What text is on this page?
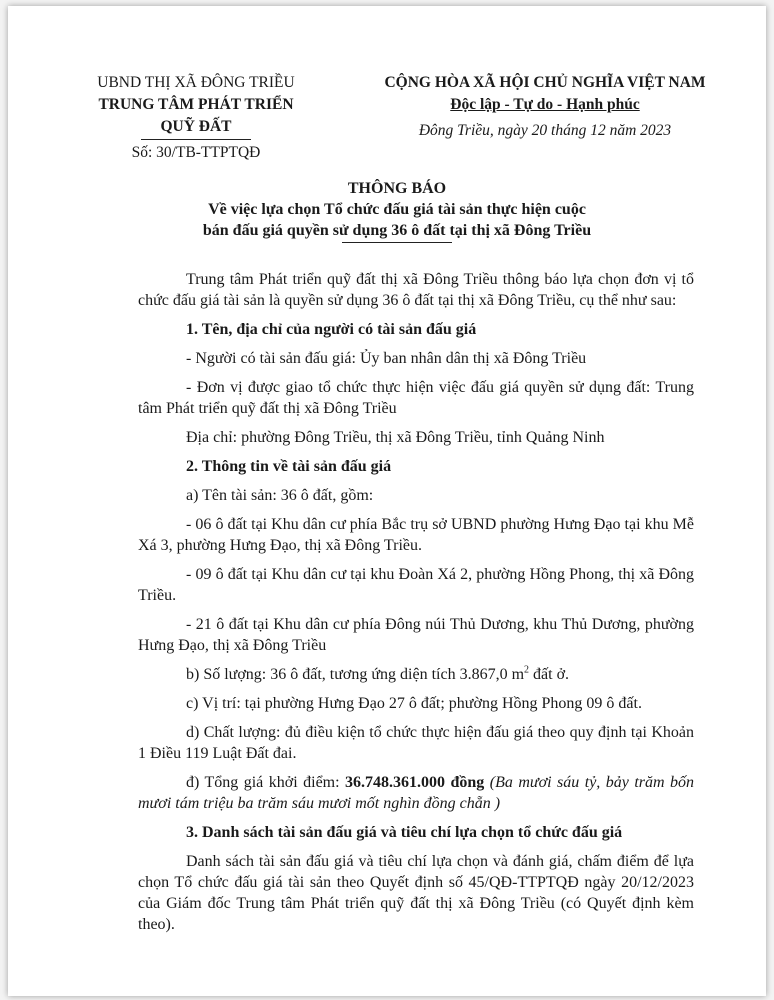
UBND THỊ XÃ ĐÔNG TRIỀU
TRUNG TÂM PHÁT TRIỂN QUỸ ĐẤT
Số: 30/TB-TTPTQĐ
CỘNG HÒA XÃ HỘI CHỦ NGHĨA VIỆT NAM
Độc lập - Tự do - Hạnh phúc
Đông Triều, ngày 20 tháng 12 năm 2023
THÔNG BÁO
Về việc lựa chọn Tổ chức đấu giá tài sản thực hiện cuộc
bán đấu giá quyền sử dụng 36 ô đất tại thị xã Đông Triều

Trung tâm Phát triển quỹ đất thị xã Đông Triều thông báo lựa chọn đơn vị tổ chức đấu giá tài sản là quyền sử dụng 36 ô đất tại thị xã Đông Triều, cụ thể như sau:

1. Tên, địa chỉ của người có tài sản đấu giá

- Người có tài sản đấu giá: Ủy ban nhân dân thị xã Đông Triều

- Đơn vị được giao tổ chức thực hiện việc đấu giá quyền sử dụng đất: Trung tâm Phát triển quỹ đất thị xã Đông Triều

Địa chỉ: phường Đông Triều, thị xã Đông Triều, tỉnh Quảng Ninh

2. Thông tin về tài sản đấu giá

a) Tên tài sản: 36 ô đất, gồm:

- 06 ô đất tại Khu dân cư phía Bắc trụ sở UBND phường Hưng Đạo tại khu Mễ Xá 3, phường Hưng Đạo, thị xã Đông Triều.

- 09 ô đất tại Khu dân cư tại khu Đoàn Xá 2, phường Hồng Phong, thị xã Đông Triều.

- 21 ô đất tại Khu dân cư phía Đông núi Thủ Dương, khu Thủ Dương, phường Hưng Đạo, thị xã Đông Triều

b) Số lượng: 36 ô đất, tương ứng diện tích 3.867,0 $m^2$ đất ở.

c) Vị trí: tại phường Hưng Đạo 27 ô đất; phường Hồng Phong 09 ô đất.

d) Chất lượng: đủ điều kiện tổ chức thực hiện đấu giá theo quy định tại Khoản 1 Điều 119 Luật Đất đai.

đ) Tổng giá khởi điểm: 36.748.361.000 đồng (Ba mươi sáu tỷ, bảy trăm bốn mươi tám triệu ba trăm sáu mươi mốt nghìn đồng chẵn )

3. Danh sách tài sản đấu giá và tiêu chí lựa chọn tổ chức đấu giá

Danh sách tài sản đấu giá và tiêu chí lựa chọn và đánh giá, chấm điểm để lựa chọn Tổ chức đấu giá tài sản theo Quyết định số 45/QĐ-TTPTQĐ ngày 20/12/2023 của Giám đốc Trung tâm Phát triển quỹ đất thị xã Đông Triều (có Quyết định kèm theo).
